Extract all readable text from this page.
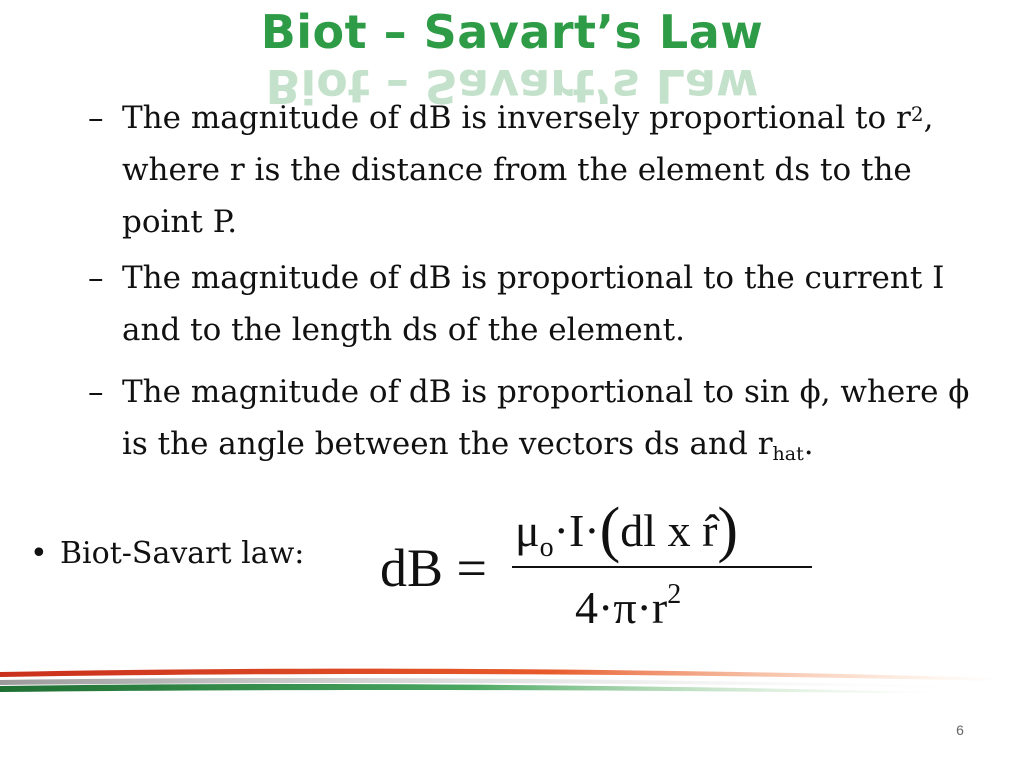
Biot – Savart’s Law
Biot – Savart’s Law
– The magnitude of dB is inversely proportional to $r^2$, where r is the distance from the element ds to the point P.
– The magnitude of dB is proportional to the current I and to the length ds of the element.
– The magnitude of dB is proportional to sin ϕ, where ϕ is the angle between the vectors ds and rhat.
• Biot-Savart law: dB =
$\mu_o\cdot I\cdot(dl$ x r̂)
$4\cdot\pi\cdot r^2$
6
